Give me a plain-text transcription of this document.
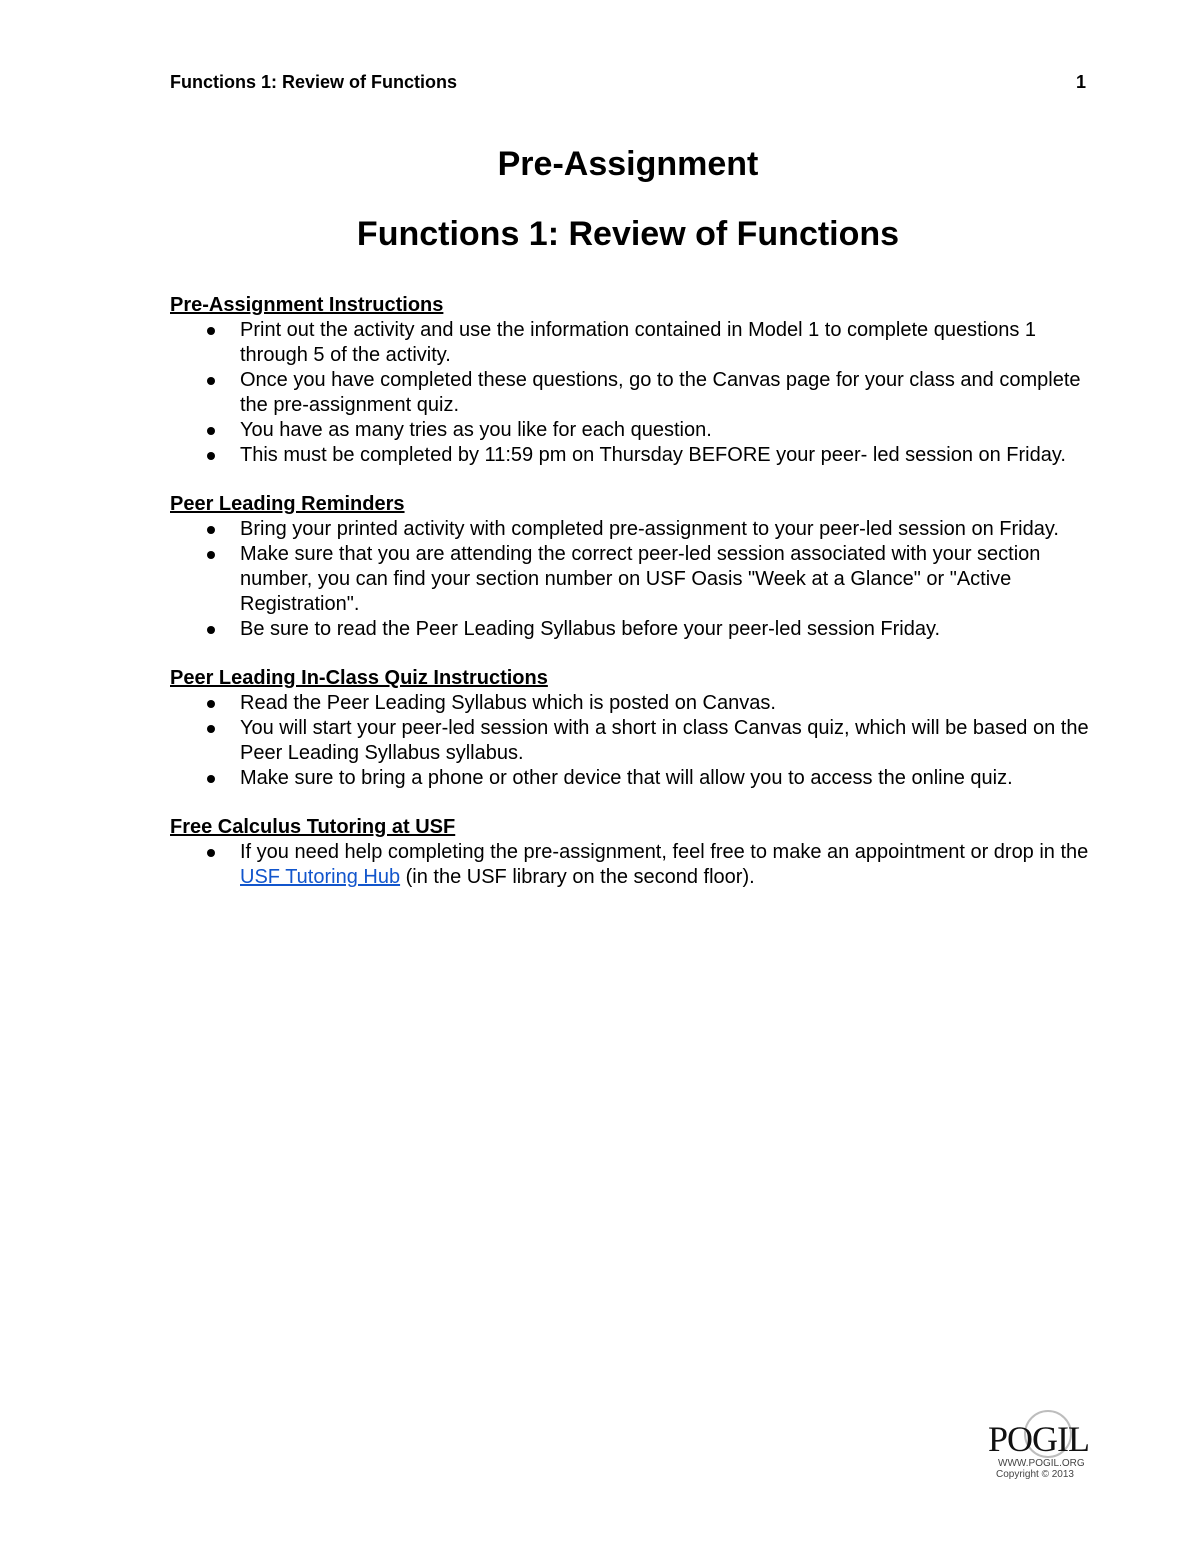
Functions 1: Review of Functions	1
Pre-Assignment
Functions 1: Review of Functions

Pre-Assignment Instructions

Print out the activity and use the information contained in Model 1 to complete questions 1 through 5 of the activity.
Once you have completed these questions, go to the Canvas page for your class and complete the pre-assignment quiz.
You have as many tries as you like for each question.
This must be completed by 11:59 pm on Thursday BEFORE your peer- led session on Friday.

Peer Leading Reminders

Bring your printed activity with completed pre-assignment to your peer-led session on Friday.
Make sure that you are attending the correct peer-led session associated with your section number, you can find your section number on USF Oasis "Week at a Glance" or "Active Registration".
Be sure to read the Peer Leading Syllabus before your peer-led session Friday.

Peer Leading In-Class Quiz Instructions

Read the Peer Leading Syllabus which is posted on Canvas.
You will start your peer-led session with a short in class Canvas quiz, which will be based on the Peer Leading Syllabus syllabus.
Make sure to bring a phone or other device that will allow you to access the online quiz.

Free Calculus Tutoring at USF

If you need help completing the pre-assignment, feel free to make an appointment or drop in the USF Tutoring Hub (in the USF library on the second floor).
POGIL
WWW.POGIL.ORG
Copyright © 2013
